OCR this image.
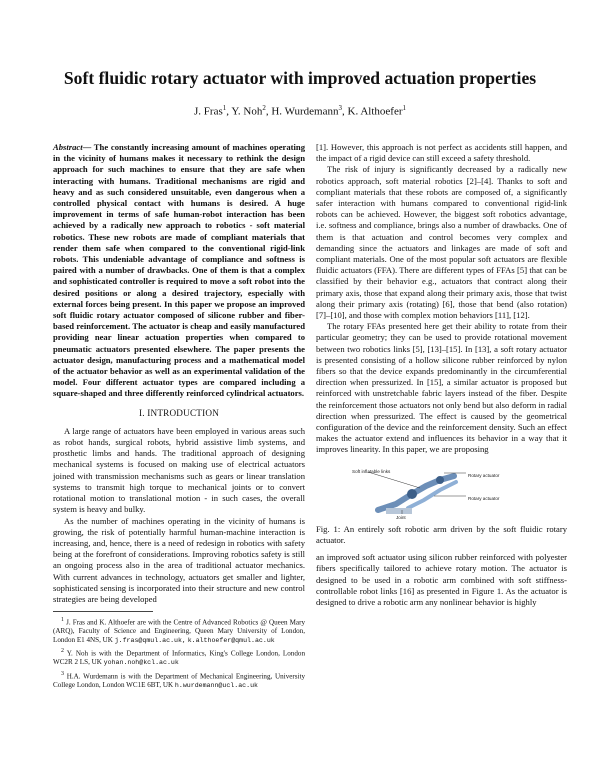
Soft fluidic rotary actuator with improved actuation properties
J. Fras$^1$, Y. Noh$^2$, H. Wurdemann$^3$, K. Althoefer$^1$

Abstract— The constantly increasing amount of machines operating in the vicinity of humans makes it necessary to rethink the design approach for such machines to ensure that they are safe when interacting with humans. Traditional mechanisms are rigid and heavy and as such considered unsuitable, even dangerous when a controlled physical contact with humans is desired. A huge improvement in terms of safe human-robot interaction has been achieved by a radically new approach to robotics - soft material robotics. These new robots are made of compliant materials that render them safe when compared to the conventional rigid-link robots. This undeniable advantage of compliance and softness is paired with a number of drawbacks. One of them is that a complex and sophisticated controller is required to move a soft robot into the desired positions or along a desired trajectory, especially with external forces being present. In this paper we propose an improved soft fluidic rotary actuator composed of silicone rubber and fiber-based reinforcement. The actuator is cheap and easily manufactured providing near linear actuation properties when compared to pneumatic actuators presented elsewhere. The paper presents the actuator design, manufacturing process and a mathematical model of the actuator behavior as well as an experimental validation of the model. Four different actuator types are compared including a square-shaped and three differently reinforced cylindrical actuators.

I. INTRODUCTION

A large range of actuators have been employed in various areas such as robot hands, surgical robots, hybrid assistive limb systems, and prosthetic limbs and hands. The traditional approach of designing mechanical systems is focused on making use of electrical actuators joined with transmission mechanisms such as gears or linear translation systems to transmit high torque to mechanical joints or to convert rotational motion to translational motion - in such cases, the overall system is heavy and bulky.

As the number of machines operating in the vicinity of humans is growing, the risk of potentially harmful human-machine interaction is increasing, and, hence, there is a need of redesign in robotics with safety being at the forefront of considerations. Improving robotics safety is still an ongoing process also in the area of traditional actuator mechanics. With current advances in technology, actuators get smaller and lighter, sophisticated sensing is incorporated into their structure and new control strategies are being developed

$^1$ J. Fras and K. Althoefer are with the Centre of Advanced Robotics @ Queen Mary (ARQ), Faculty of Science and Engineering, Queen Mary University of London, London E1 4NS, UK j.fras@qmul.ac.uk, k.althoefer@qmul.ac.uk

$^2$ Y. Noh is with the Department of Informatics, King's College London, London WC2R 2 LS, UK yohan.noh@kcl.ac.uk

$^3$ H.A. Wurdemann is with the Department of Mechanical Engineering, University College London, London WC1E 6BT, UK h.wurdemann@ucl.ac.uk

[1]. However, this approach is not perfect as accidents still happen, and the impact of a rigid device can still exceed a safety threshold.

The risk of injury is significantly decreased by a radically new robotics approach, soft material robotics [2]–[4]. Thanks to soft and compliant materials that these robots are composed of, a significantly safer interaction with humans compared to conventional rigid-link robots can be achieved. However, the biggest soft robotics advantage, i.e. softness and compliance, brings also a number of drawbacks. One of them is that actuation and control becomes very complex and demanding since the actuators and linkages are made of soft and compliant materials. One of the most popular soft actuators are flexible fluidic actuators (FFA). There are different types of FFAs [5] that can be classified by their behavior e.g., actuators that contract along their primary axis, those that expand along their primary axis, those that twist along their primary axis (rotating) [6], those that bend (also rotation) [7]–[10], and those with complex motion behaviors [11], [12].

The rotary FFAs presented here get their ability to rotate from their particular geometry; they can be used to provide rotational movement between two robotics links [5], [13]–[15]. In [13], a soft rotary actuator is presented consisting of a hollow silicone rubber reinforced by nylon fibers so that the device expands predominantly in the circumferential direction when pressurized. In [15], a similar actuator is proposed but reinforced with unstretchable fabric layers instead of the fiber. Despite the reinforcement those actuators not only bend but also deform in radial direction when pressurized. The effect is caused by the geometrical configuration of the device and the reinforcement density. Such an effect makes the actuator extend and influences its behavior in a way that it improves linearity. In this paper, we are proposing

Soft inflatable links
Rotary actuator
Rotary actuator
Joint

Fig. 1: An entirely soft robotic arm driven by the soft fluidic rotary actuator.

an improved soft actuator using silicon rubber reinforced with polyester fibers specifically tailored to achieve rotary motion. The actuator is designed to be used in a robotic arm combined with soft stiffness-controllable robot links [16] as presented in Figure 1. As the actuator is designed to drive a robotic arm any nonlinear behavior is highly
